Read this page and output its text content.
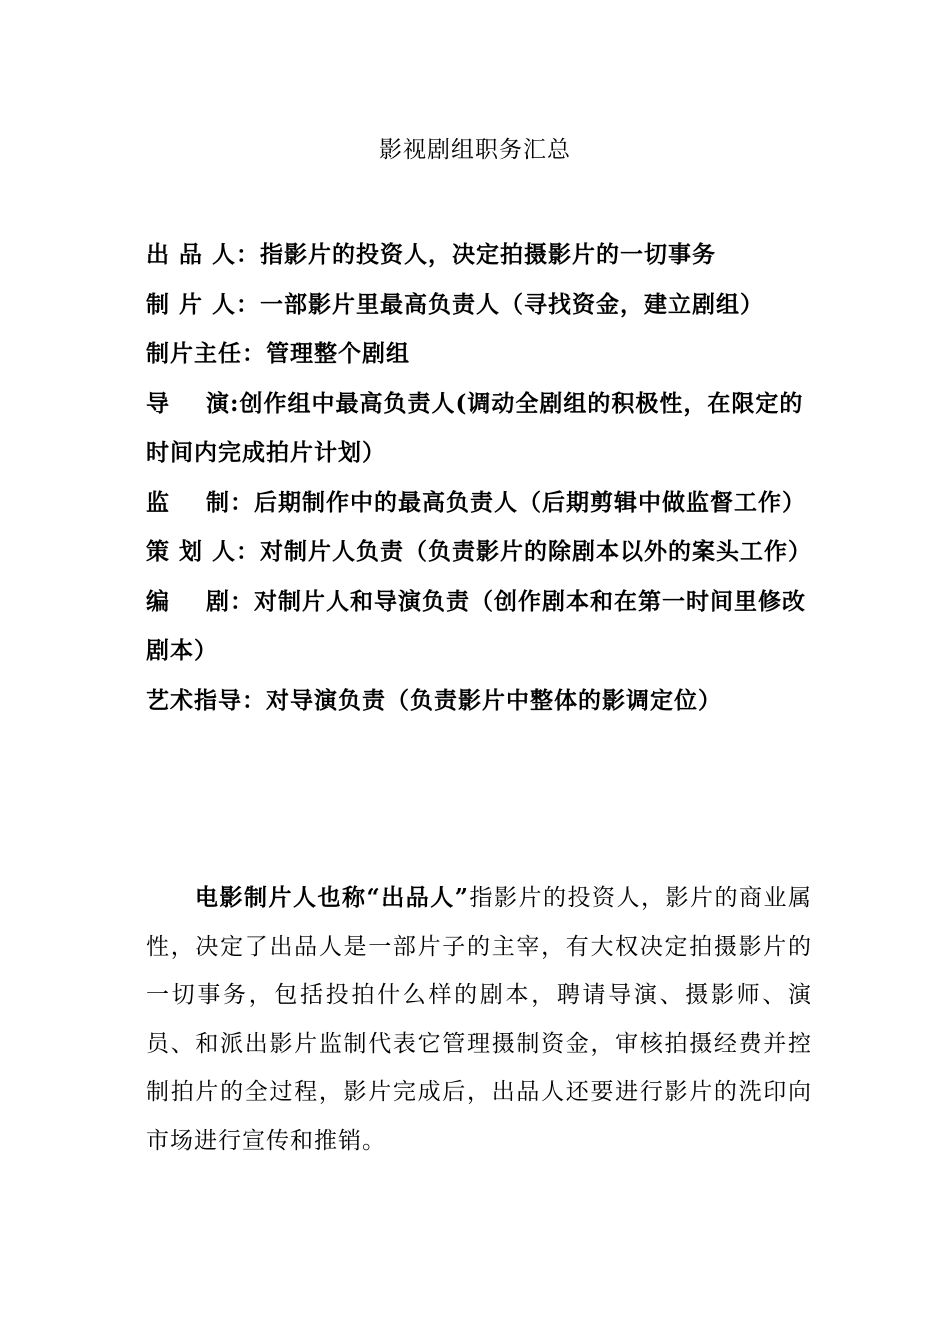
影视剧组职务汇总
出 品 人：指影片的投资人，决定拍摄影片的一切事务
制 片 人：一部影片里最高负责人（寻找资金，建立剧组）
制片主任：管理整个剧组
导    演:创作组中最高负责人(调动全剧组的积极性，在限定的时间内完成拍片计划）
监    制：后期制作中的最高负责人（后期剪辑中做监督工作）
策 划 人：对制片人负责（负责影片的除剧本以外的案头工作）
编    剧：对制片人和导演负责（创作剧本和在第一时间里修改剧本）
艺术指导：对导演负责（负责影片中整体的影调定位）

电影制片人也称“出品人”指影片的投资人，影片的商业属性，决定了出品人是一部片子的主宰，有大权决定拍摄影片的一切事务，包括投拍什么样的剧本，聘请导演、摄影师、演员、和派出影片监制代表它管理摄制资金，审核拍摄经费并控制拍片的全过程，影片完成后，出品人还要进行影片的洗印向市场进行宣传和推销。
